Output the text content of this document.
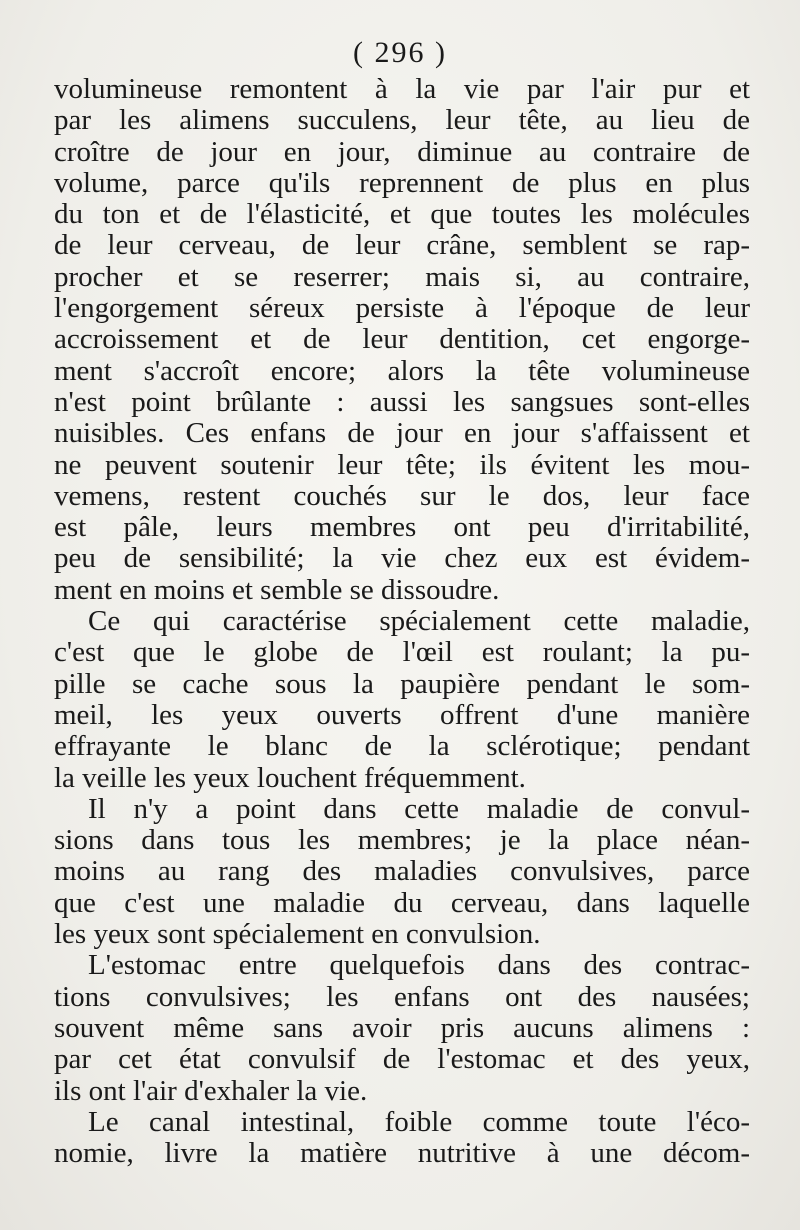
( 296 )
volumineuse remontent à la vie par l'air pur et
par les alimens succulens, leur tête, au lieu de
croître de jour en jour, diminue au contraire de
volume, parce qu'ils reprennent de plus en plus
du ton et de l'élasticité, et que toutes les molécules
de leur cerveau, de leur crâne, semblent se rap-
procher et se reserrer; mais si, au contraire,
l'engorgement séreux persiste à l'époque de leur
accroissement et de leur dentition, cet engorge-
ment s'accroît encore; alors la tête volumineuse
n'est point brûlante : aussi les sangsues sont-elles
nuisibles. Ces enfans de jour en jour s'affaissent et
ne peuvent soutenir leur tête; ils évitent les mou-
vemens, restent couchés sur le dos, leur face
est pâle, leurs membres ont peu d'irritabilité,
peu de sensibilité; la vie chez eux est évidem-
ment en moins et semble se dissoudre.
Ce qui caractérise spécialement cette maladie,
c'est que le globe de l'œil est roulant; la pu-
pille se cache sous la paupière pendant le som-
meil, les yeux ouverts offrent d'une manière
effrayante le blanc de la sclérotique; pendant
la veille les yeux louchent fréquemment.
Il n'y a point dans cette maladie de convul-
sions dans tous les membres; je la place néan-
moins au rang des maladies convulsives, parce
que c'est une maladie du cerveau, dans laquelle
les yeux sont spécialement en convulsion.
L'estomac entre quelquefois dans des contrac-
tions convulsives; les enfans ont des nausées;
souvent même sans avoir pris aucuns alimens :
par cet état convulsif de l'estomac et des yeux,
ils ont l'air d'exhaler la vie.
Le canal intestinal, foible comme toute l'éco-
nomie, livre la matière nutritive à une décom-
